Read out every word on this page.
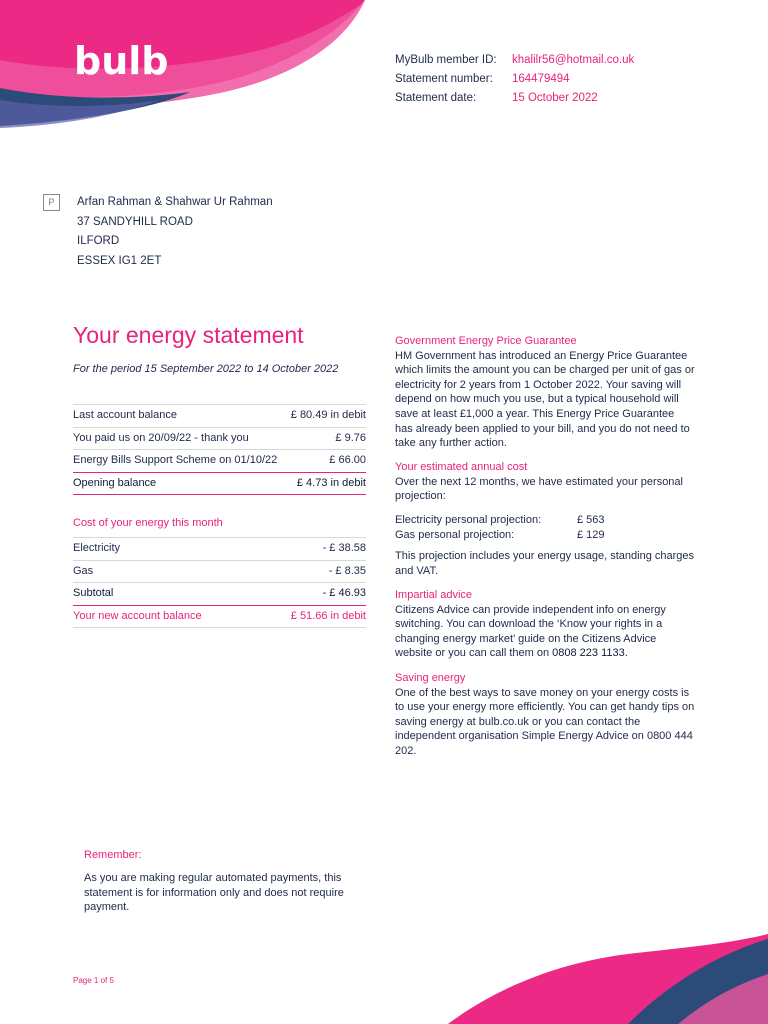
bulb	MyBulb member ID:	khalilr56@hotmail.co.uk
Statement number:	164479494
Statement date:	15 October 2022
P	Arfan Rahman & Shahwar Ur Rahman
37 SANDYHILL ROAD
ILFORD
ESSEX IG1 2ET
Your energy statement
For the period 15 September 2022 to 14 October 2022
Last account balance	£ 80.49 in debit
You paid us on 20/09/22 - thank you	£ 9.76
Energy Bills Support Scheme on 01/10/22	£ 66.00
Opening balance	£ 4.73 in debit
Cost of your energy this month
Electricity	- £ 38.58
Gas	- £ 8.35
Subtotal	- £ 46.93
Your new account balance	£ 51.66 in debit
Government Energy Price Guarantee

HM Government has introduced an Energy Price Guarantee which limits the amount you can be charged per unit of gas or electricity for 2 years from 1 October 2022. Your saving will depend on how much you use, but a typical household will save at least £1,000 a year. This Energy Price Guarantee has already been applied to your bill, and you do not need to take any further action.

Your estimated annual cost

Over the next 12 months, we have estimated your personal projection:

Electricity personal projection:	£ 563
Gas personal projection:	£ 129

This projection includes your energy usage, standing charges and VAT.

Impartial advice

Citizens Advice can provide independent info on energy switching. You can download the ‘Know your rights in a changing energy market’ guide on the Citizens Advice website or you can call them on 0808 223 1133.

Saving energy

One of the best ways to save money on your energy costs is to use your energy more efficiently. You can get handy tips on saving energy at bulb.co.uk or you can contact the independent organisation Simple Energy Advice on 0800 444 202.

Remember:
As you are making regular automated payments, this statement is for information only and does not require payment.
Page 1 of 5
